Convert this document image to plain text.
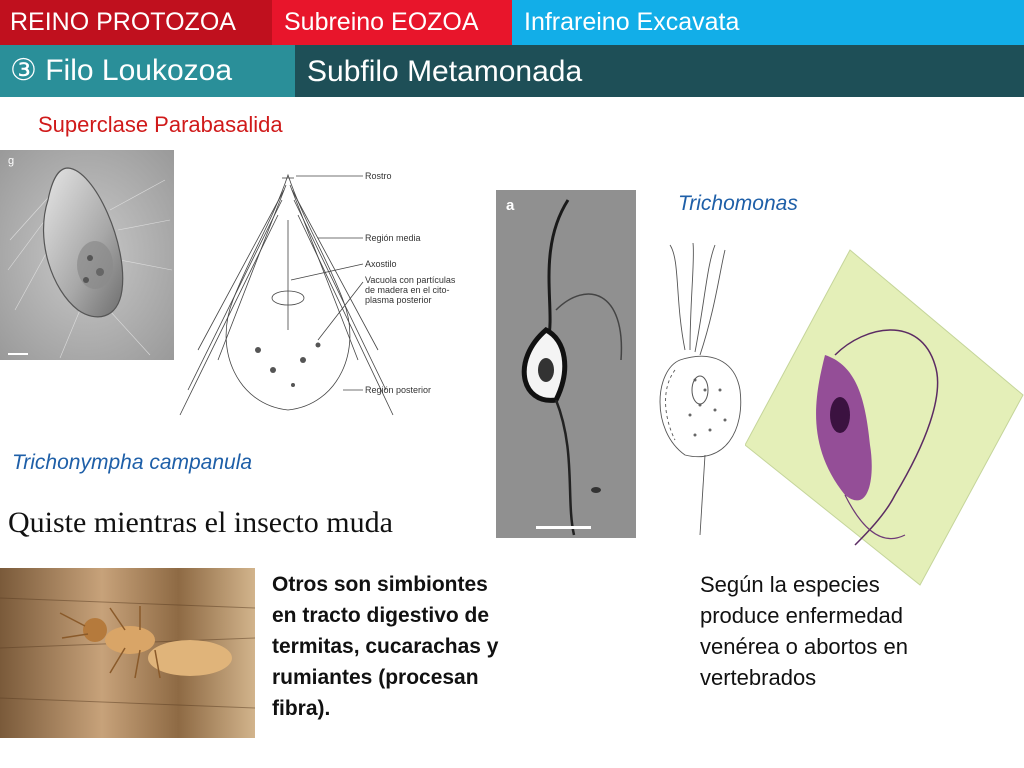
REINO PROTOZOA	Subreino EOZOA	Infrareino Excavata
③ Filo Loukozoa	Subfilo Metamonada
Superclase Parabasalida
g
Rostro
Región media
Axostilo
Vacuola con partículas
de madera en el cito-
plasma posterior
Región posterior
Trichonympha campanula
a	Trichomonas
Quiste mientras el insecto muda
Otros son simbiontes
en tracto digestivo de
termitas, cucarachas y
rumiantes (procesan
fibra).
Según la especies
produce enfermedad
venérea o abortos en
vertebrados
